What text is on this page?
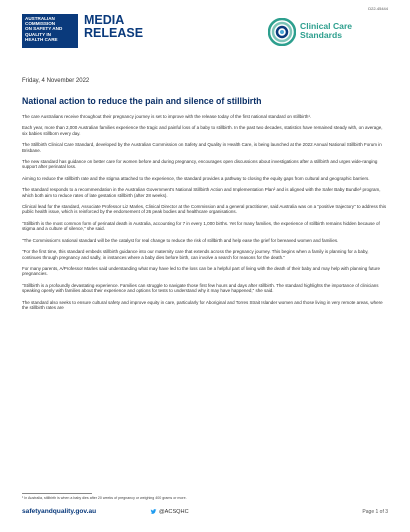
D22-45444
AUSTRALIAN
COMMISSION
ON SAFETY AND
QUALITY IN
HEALTH CARE
MEDIA
RELEASE	Clinical Care
Standards
Friday, 4 November 2022
National action to reduce the pain and silence of stillbirth

The care Australians receive throughout their pregnancy journey is set to improve with the release today of the first national standard on stillbirth¹.

Each year, more than 2,000 Australian families experience the tragic and painful loss of a baby to stillbirth. In the past two decades, statistics have remained steady with, on average, six babies stillborn every day.

The Stillbirth Clinical Care Standard, developed by the Australian Commission on Safety and Quality in Health Care, is being launched at the 2022 Annual National Stillbirth Forum in Brisbane.

The new standard has guidance on better care for women before and during pregnancy, encourages open discussions about investigations after a stillbirth and urges wide-ranging support after perinatal loss.

Aiming to reduce the stillbirth rate and the stigma attached to the experience, the standard provides a pathway to closing the equity gaps from cultural and geographic barriers.

The standard responds to a recommendation in the Australian Government's National Stillbirth Action and Implementation Plan² and is aligned with the Safer Baby Bundle³ program, which both aim to reduce rates of late gestation stillbirth (after 28 weeks).

Clinical lead for the standard, Associate Professor Liz Marles, Clinical Director at the Commission and a general practitioner, said Australia was on a "positive trajectory" to address this public health issue, which is reinforced by the endorsement of 26 peak bodies and healthcare organisations.

"Stillbirth is the most common form of perinatal death in Australia, accounting for 7 in every 1,000 births. Yet for many families, the experience of stillbirth remains hidden because of stigma and a culture of silence," she said.

"The Commission's national standard will be the catalyst for real change to reduce the risk of stillbirth and help ease the grief for bereaved women and families.

"For the first time, this standard embeds stillbirth guidance into our maternity care that extends across the pregnancy journey. This begins when a family is planning for a baby, continues through pregnancy and sadly, in instances where a baby dies before birth, can involve a search for reasons for the death."

For many parents, A/Professor Marles said understanding what may have led to the loss can be a helpful part of living with the death of their baby and may help with planning future pregnancies.

"Stillbirth is a profoundly devastating experience. Families can struggle to navigate those first few hours and days after stillbirth. The standard highlights the importance of clinicians speaking openly with families about their experience and options for tests to understand why it may have happened," she said.

The standard also seeks to ensure cultural safety and improve equity in care, particularly for Aboriginal and Torres Strait Islander women and those living in very remote areas, where the stillbirth rates are

¹ In Australia, stillbirth is when a baby dies after 20 weeks of pregnancy or weighing 400 grams or more.
safetyandquality.gov.au	@ACSQHC	Page 1 of 3
